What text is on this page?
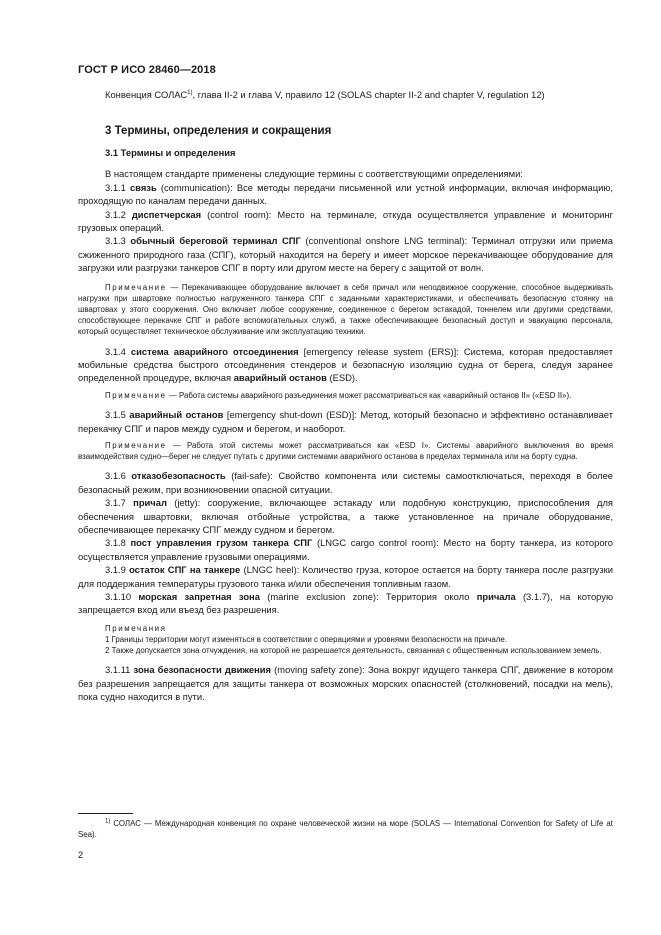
ГОСТ Р ИСО 28460—2018

Конвенция СОЛАС$^{1)}$, глава II-2 и глава V, правило 12 (SOLAS chapter II-2 and chapter V, regulation 12)

3 Термины, определения и сокращения
3.1 Термины и определения

В настоящем стандарте применены следующие термины с соответствующими определениями:

3.1.1 связь (communication): Все методы передачи письменной или устной информации, включая информацию, проходящую по каналам передачи данных.

3.1.2 диспетчерская (control room): Место на терминале, откуда осуществляется управление и мониторинг грузовых операций.

3.1.3 обычный береговой терминал СПГ (conventional onshore LNG terminal): Терминал отгрузки или приема сжиженного природного газа (СПГ), который находится на берегу и имеет морское перекачивающее оборудование для загрузки или разгрузки танкеров СПГ в порту или другом месте на берегу с защитой от волн.

Примечание — Перекачивающее оборудование включает в себя причал или неподвижное сооружение, способное выдерживать нагрузки при швартовке полностью нагруженного танкера СПГ с заданными характеристиками, и обеспечивать безопасную стоянку на швартовах у этого сооружения. Оно включает любое сооружение, соединенное с берегом эстакадой, тоннелем или другими средствами, способствующее перекачке СПГ и работе вспомогательных служб, а также обеспечивающее безопасный доступ и эвакуацию персонала, который осуществляет техническое обслуживание или эксплуатацию техники.

3.1.4 система аварийного отсоединения [emergency release system (ERS)]: Система, которая предоставляет мобильные средства быстрого отсоединения стендеров и безопасную изоляцию судна от берега, следуя заранее определенной процедуре, включая аварийный останов (ESD).

Примечание — Работа системы аварийного разъединения может рассматриваться как «аварийный останов II» («ESD II»).

3.1.5 аварийный останов [emergency shut-down (ESD)]: Метод, который безопасно и эффективно останавливает перекачку СПГ и паров между судном и берегом, и наоборот.

Примечание — Работа этой системы может рассматриваться как «ESD I». Системы аварийного выключения во время взаимодействия судно—берег не следует путать с другими системами аварийного останова в пределах терминала или на борту судна.

3.1.6 отказобезопасность (fail-safe): Свойство компонента или системы самоотключаться, переходя в более безопасный режим, при возникновении опасной ситуации.

3.1.7 причал (jetty): сооружение, включающее эстакаду или подобную конструкцию, приспособления для обеспечения швартовки, включая отбойные устройства, а также установленное на причале оборудование, обеспечивающее перекачку СПГ между судном и берегом.

3.1.8 пост управления грузом танкера СПГ (LNGC cargo control room): Место на борту танкера, из которого осуществляется управление грузовыми операциями.

3.1.9 остаток СПГ на танкере (LNGC heel): Количество груза, которое остается на борту танкера после разгрузки для поддержания температуры грузового танка и/или обеспечения топливным газом.

3.1.10 морская запретная зона (marine exclusion zone): Территория около причала (3.1.7), на которую запрещается вход или въезд без разрешения.

Примечания

1 Границы территории могут изменяться в соответствии с операциями и уровнями безопасности на причале.

2 Также допускается зона отчуждения, на которой не разрешается деятельность, связанная с общественным использованием земель.

3.1.11 зона безопасности движения (moving safety zone): Зона вокруг идущего танкера СПГ, движение в котором без разрешения запрещается для защиты танкера от возможных морских опасностей (столкновений, посадки на мель), пока судно находится в пути.

$^{1)}$ СОЛАС — Международная конвенция по охране человеческой жизни на море (SOLAS — International Convention for Safety of Life at Sea).

2
